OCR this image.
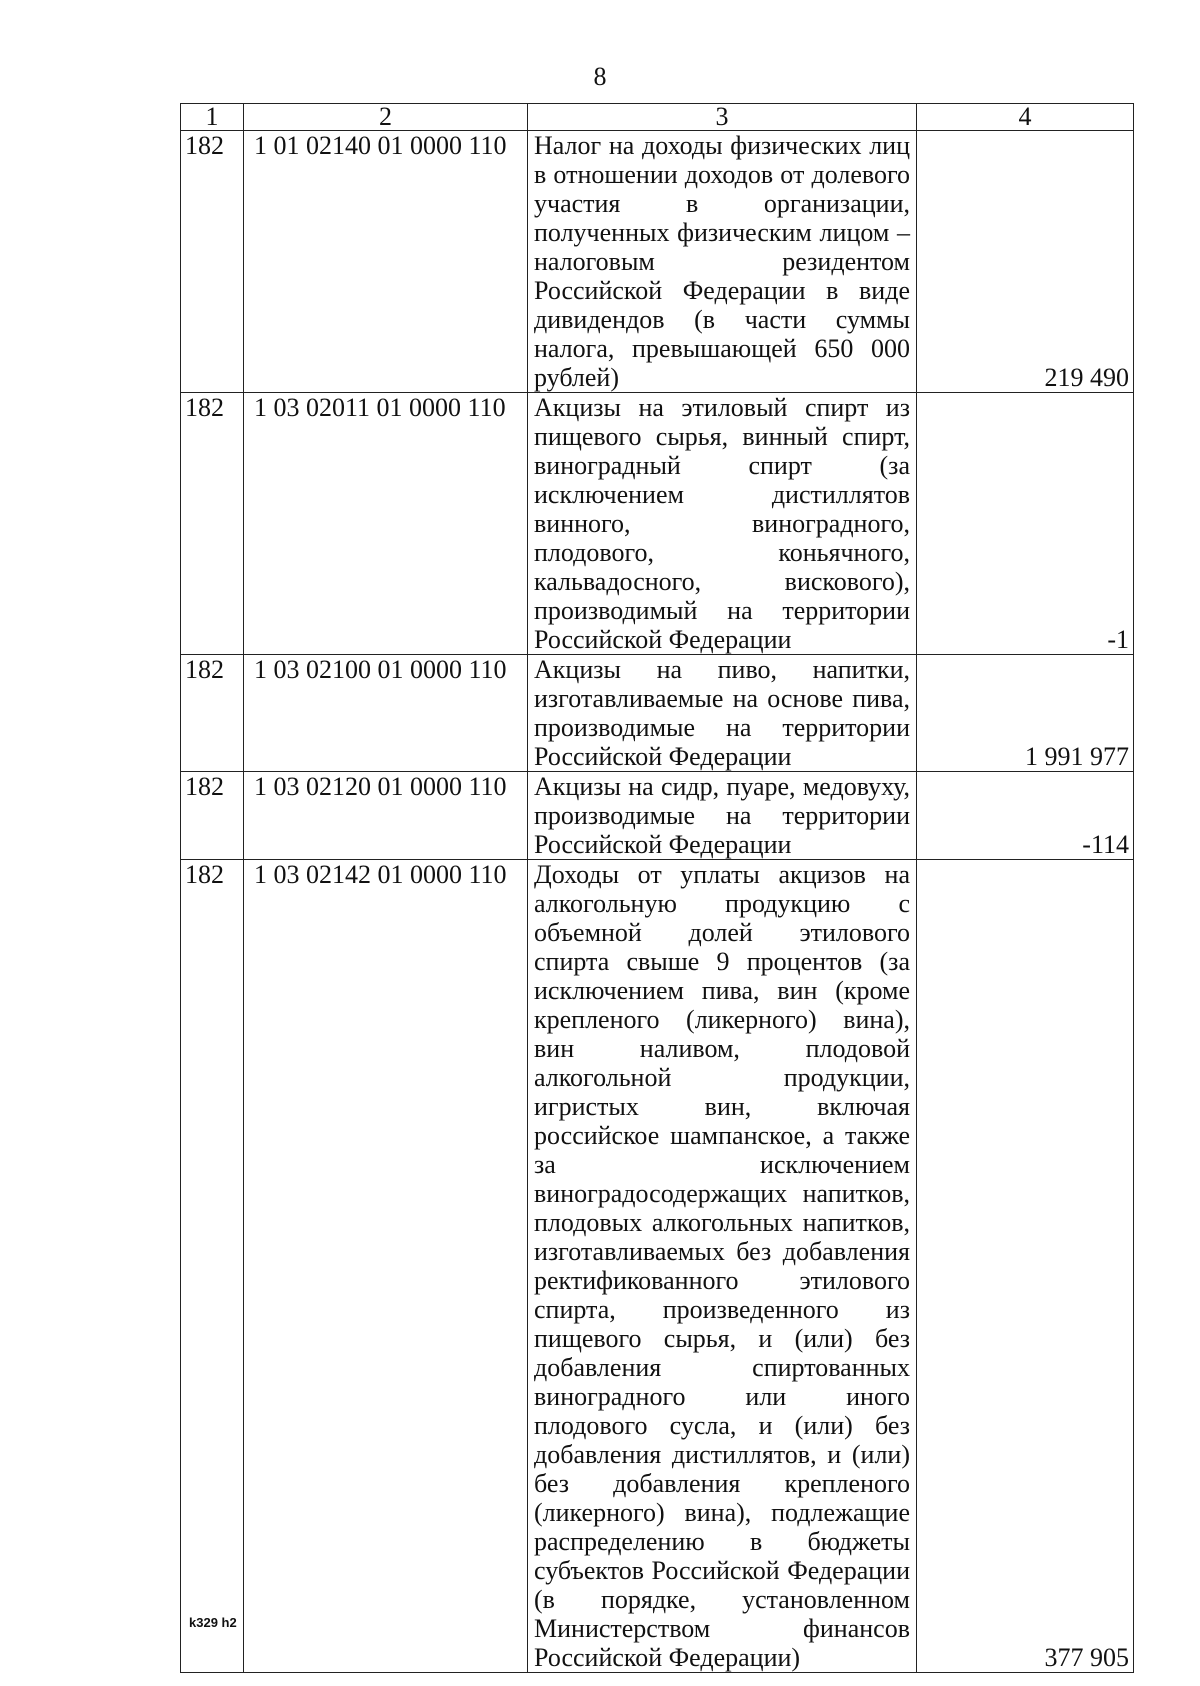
8
1	2	3	4
182	1 01 02140 01 0000 110	Налог на доходы физических лиц в отношении доходов от долевого участия в организации, полученных физическим лицом – налоговым резидентом Российской Федерации в виде дивидендов (в части суммы налога, превышающей 650 000 рублей)	219 490
182	1 03 02011 01 0000 110	Акцизы на этиловый спирт из пищевого сырья, винный спирт, виноградный спирт (за исключением дистиллятов винного, виноградного, плодового, коньячного, кальвадосного, вискового), производимый на территории Российской Федерации	-1
182	1 03 02100 01 0000 110	Акцизы на пиво, напитки, изготавливаемые на основе пива, производимые на территории Российской Федерации	1 991 977
182	1 03 02120 01 0000 110	Акцизы на сидр, пуаре, медовуху, производимые на территории Российской Федерации	-114
182	1 03 02142 01 0000 110	Доходы от уплаты акцизов на алкогольную продукцию с объемной долей этилового спирта свыше 9 процентов (за исключением пива, вин (кроме крепленого (ликерного) вина), вин наливом, плодовой алкогольной продукции, игристых вин, включая российское шампанское, а также за исключением виноградосодержащих напитков, плодовых алкогольных напитков, изготавливаемых без добавления ректификованного этилового спирта, произведенного из пищевого сырья, и (или) без добавления спиртованных виноградного или иного плодового сусла, и (или) без добавления дистиллятов, и (или) без добавления крепленого (ликерного) вина), подлежащие распределению в бюджеты субъектов Российской Федерации (в порядке, установленном Министерством финансов Российской Федерации)	377 905
k329 h2
